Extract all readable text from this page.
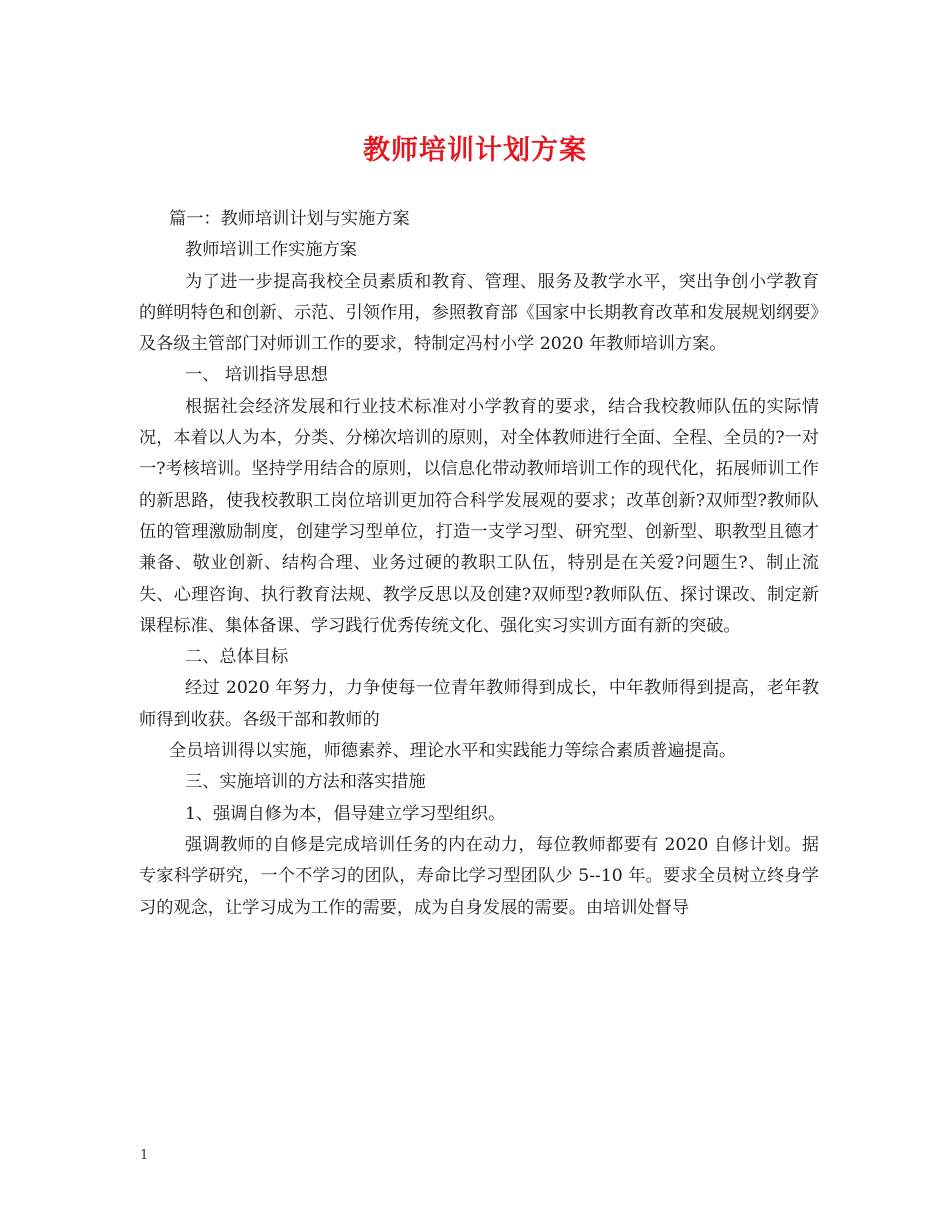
教师培训计划方案

篇一：教师培训计划与实施方案

教师培训工作实施方案

为了进一步提高我校全员素质和教育、管理、服务及教学水平，突出争创小学教育的鲜明特色和创新、示范、引领作用，参照教育部《国家中长期教育改革和发展规划纲要》及各级主管部门对师训工作的要求，特制定冯村小学 2020 年教师培训方案。

一、 培训指导思想

根据社会经济发展和行业技术标准对小学教育的要求，结合我校教师队伍的实际情况，本着以人为本，分类、分梯次培训的原则，对全体教师进行全面、全程、全员的?一对一?考核培训。坚持学用结合的原则，以信息化带动教师培训工作的现代化，拓展师训工作的新思路，使我校教职工岗位培训更加符合科学发展观的要求；改革创新?双师型?教师队伍的管理激励制度，创建学习型单位，打造一支学习型、研究型、创新型、职教型且德才兼备、敬业创新、结构合理、业务过硬的教职工队伍，特别是在关爱?问题生?、制止流失、心理咨询、执行教育法规、教学反思以及创建?双师型?教师队伍、探讨课改、制定新课程标准、集体备课、学习践行优秀传统文化、强化实习实训方面有新的突破。

二、总体目标

经过 2020 年努力，力争使每一位青年教师得到成长，中年教师得到提高，老年教师得到收获。各级干部和教师的

全员培训得以实施，师德素养、理论水平和实践能力等综合素质普遍提高。

三、实施培训的方法和落实措施

1、强调自修为本，倡导建立学习型组织。

强调教师的自修是完成培训任务的内在动力，每位教师都要有 2020 自修计划。据专家科学研究，一个不学习的团队，寿命比学习型团队少 5--10 年。要求全员树立终身学习的观念，让学习成为工作的需要，成为自身发展的需要。由培训处督导

1
